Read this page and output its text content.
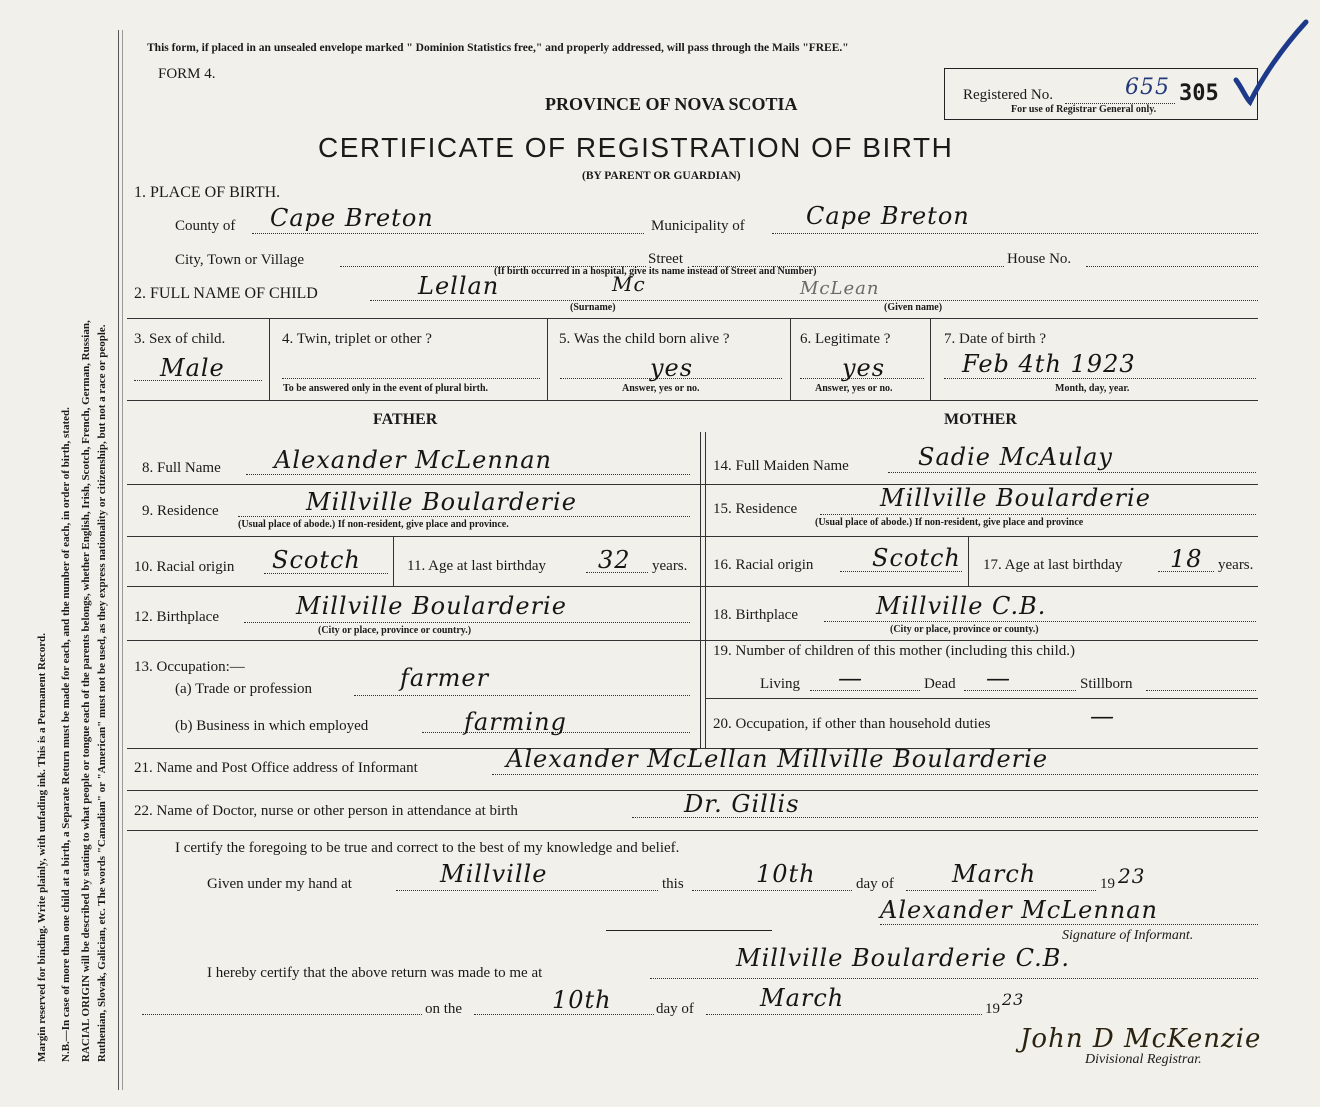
Margin reserved for binding. Write plainly, with unfading ink. This is a Permanent Record. N.B.—In case of more than one child at a birth, a Separate Return must be made for each, and the number of each, in order of birth, stated. RACIAL ORIGIN will be described by stating to what people or tongue each of the parents belongs, whether English, Irish, Scotch, French, German, Russian, Ruthenian, Slovak, Galician, etc. The words "Canadian" or "American" must not be used, as they express nationality or citizenship, but not a race or people.
This form, if placed in an unsealed envelope marked " Dominion Statistics free," and properly addressed, will pass through the Mails "FREE."
FORM 4.
PROVINCE OF NOVA SCOTIA
CERTIFICATE OF REGISTRATION OF BIRTH
(BY PARENT OR GUARDIAN)
Registered No.	655 305
For use of Registrar General only.
1. PLACE OF BIRTH.
County of Cape Breton	Municipality of	Cape Breton
City, Town or Village	Street	House No.
(If birth occurred in a hospital, give its name instead of Street and Number)
2. FULL NAME OF CHILD	Lellan	Mc	McLean
(Surname)	(Given name)
3. Sex of child.
Male
4. Twin, triplet or other ?
To be answered only in the event of plural birth.
5. Was the child born alive ?
yes
Answer, yes or no.
6. Legitimate ?
yes
Answer, yes or no.
7. Date of birth ?
Feb 4th 1923
Month, day, year.
FATHER	MOTHER
8. Full Name Alexander McLennan
9. Residence	Millville Boularderie
(Usual place of abode.) If non-resident, give place and province.
10. Racial origin Scotch	11. Age at last birthday 32 years.
12. Birthplace	Millville Boularderie
(City or place, province or country.)
13. Occupation:—
(a) Trade or profession	farmer
(b) Business in which employed	farming
14. Full Maiden Name	Sadie McAulay
15. Residence	Millville Boularderie
(Usual place of abode.) If non-resident, give place and province
16. Racial origin Scotch 17. Age at last birthday 18 years.
18. Birthplace	Millville C.B.
(City or place, province or county.)
19. Number of children of this mother (including this child.)
Living —	Dead —	Stillborn
20. Occupation, if other than household duties	—
21. Name and Post Office address of Informant	Alexander McLellan Millville Boularderie
22. Name of Doctor, nurse or other person in attendance at birth	Dr. Gillis
I certify the foregoing to be true and correct to the best of my knowledge and belief.
Given under my hand at	Millville	this	10th	day of March	19 23
Alexander McLennan
Signature of Informant.
I hereby certify that the above return was made to me at
Millville Boularderie C.B.
on the	10th	day of	March	19 23
John D McKenzie
Divisional Registrar.
